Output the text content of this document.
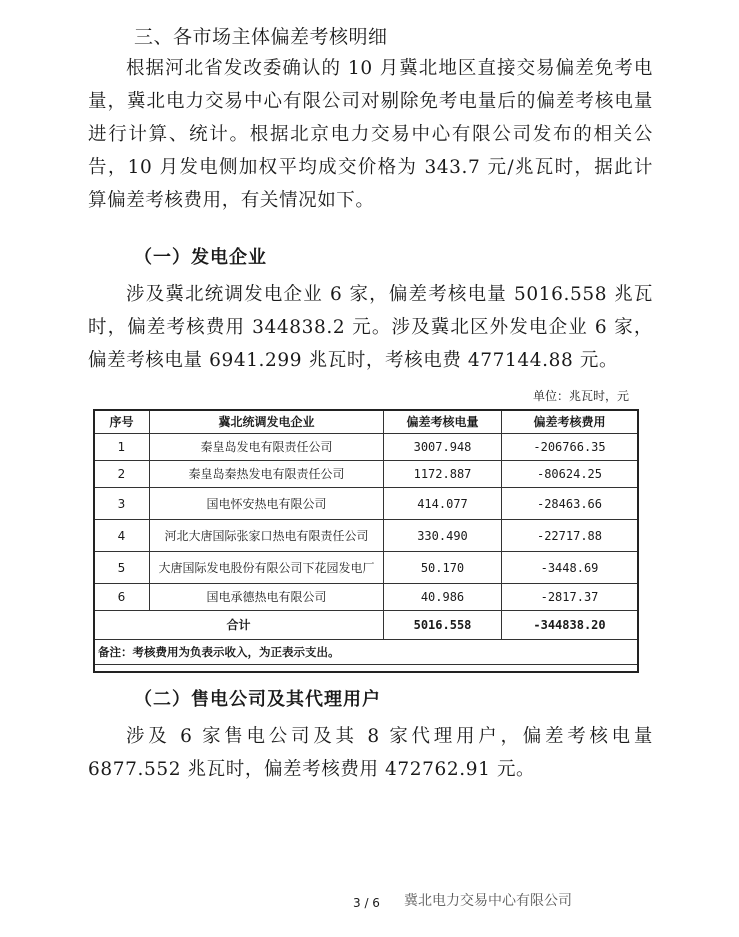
三、各市场主体偏差考核明细

根据河北省发改委确认的 10 月冀北地区直接交易偏差免考电量，冀北电力交易中心有限公司对剔除免考电量后的偏差考核电量进行计算、统计。根据北京电力交易中心有限公司发布的相关公告，10 月发电侧加权平均成交价格为 343.7 元/兆瓦时，据此计算偏差考核费用，有关情况如下。

（一）发电企业

涉及冀北统调发电企业 6 家，偏差考核电量 5016.558 兆瓦时，偏差考核费用 344838.2 元。涉及冀北区外发电企业 6 家，偏差考核电量 6941.299 兆瓦时，考核电费 477144.88 元。

单位：兆瓦时，元
序号	冀北统调发电企业	偏差考核电量	偏差考核费用
1	秦皇岛发电有限责任公司	3007.948	-206766.35
2	秦皇岛秦热发电有限责任公司	1172.887	-80624.25
3	国电怀安热电有限公司	414.077	-28463.66
4	河北大唐国际张家口热电有限责任公司	330.490	-22717.88
5	大唐国际发电股份有限公司下花园发电厂	50.170	-3448.69
6	国电承德热电有限公司	40.986	-2817.37
合计		5016.558	-344838.20
备注：考核费用为负表示收入，为正表示支出。			
（二）售电公司及其代理用户

涉及 6 家售电公司及其 8 家代理用户，偏差考核电量 6877.552 兆瓦时，偏差考核费用 472762.91 元。

3 / 6 冀北电力交易中心有限公司
